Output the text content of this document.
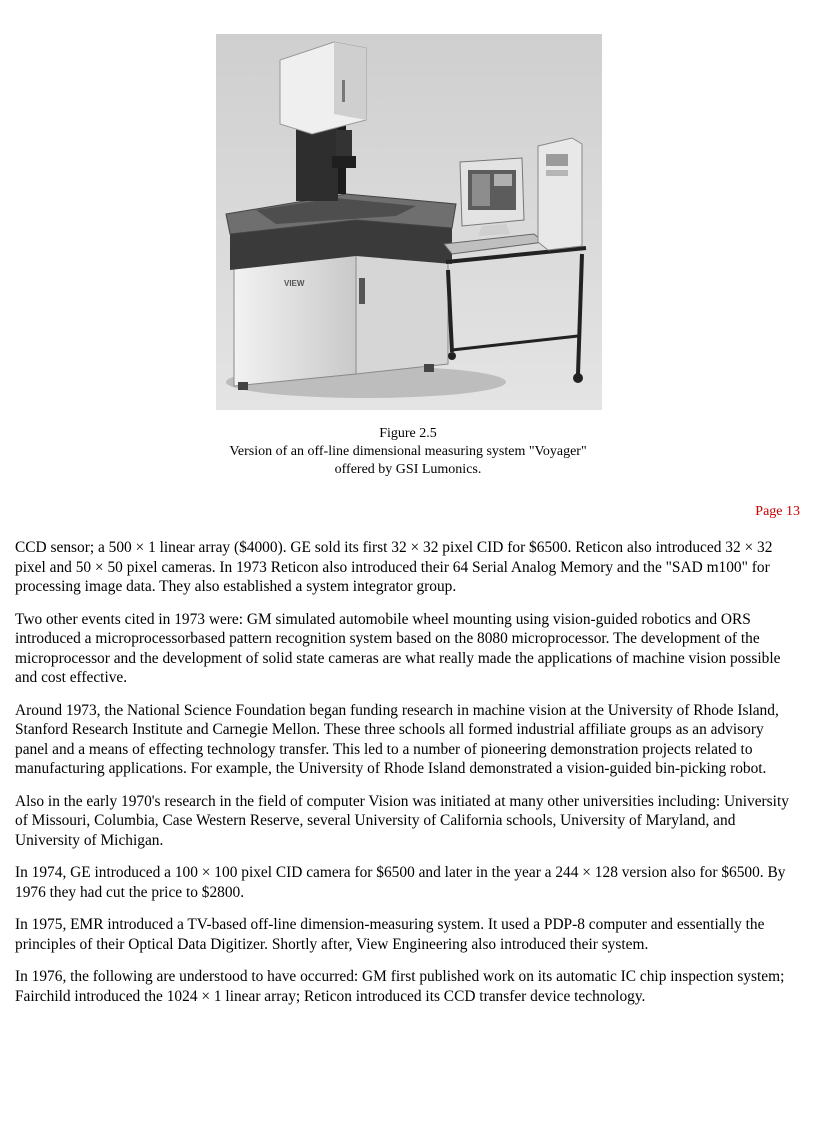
VIEW
Figure 2.5
Version of an off-line dimensional measuring system "Voyager"
offered by GSI Lumonics.
Page 13

CCD sensor; a 500 × 1 linear array ($4000). GE sold its first 32 × 32 pixel CID for $6500. Reticon also introduced 32 × 32 pixel and 50 × 50 pixel cameras. In 1973 Reticon also introduced their 64 Serial Analog Memory and the "SAD m100" for processing image data. They also established a system integrator group.

Two other events cited in 1973 were: GM simulated automobile wheel mounting using vision-guided robotics and ORS introduced a microprocessorbased pattern recognition system based on the 8080 microprocessor. The development of the microprocessor and the development of solid state cameras are what really made the applications of machine vision possible and cost effective.

Around 1973, the National Science Foundation began funding research in machine vision at the University of Rhode Island, Stanford Research Institute and Carnegie Mellon. These three schools all formed industrial affiliate groups as an advisory panel and a means of effecting technology transfer. This led to a number of pioneering demonstration projects related to manufacturing applications. For example, the University of Rhode Island demonstrated a vision-guided bin-picking robot.

Also in the early 1970's research in the field of computer Vision was initiated at many other universities including: University of Missouri, Columbia, Case Western Reserve, several University of California schools, University of Maryland, and University of Michigan.

In 1974, GE introduced a 100 × 100 pixel CID camera for $6500 and later in the year a 244 × 128 version also for $6500. By 1976 they had cut the price to $2800.

In 1975, EMR introduced a TV-based off-line dimension-measuring system. It used a PDP-8 computer and essentially the principles of their Optical Data Digitizer. Shortly after, View Engineering also introduced their system.

In 1976, the following are understood to have occurred: GM first published work on its automatic IC chip inspection system; Fairchild introduced the 1024 × 1 linear array; Reticon introduced its CCD transfer device technology.
